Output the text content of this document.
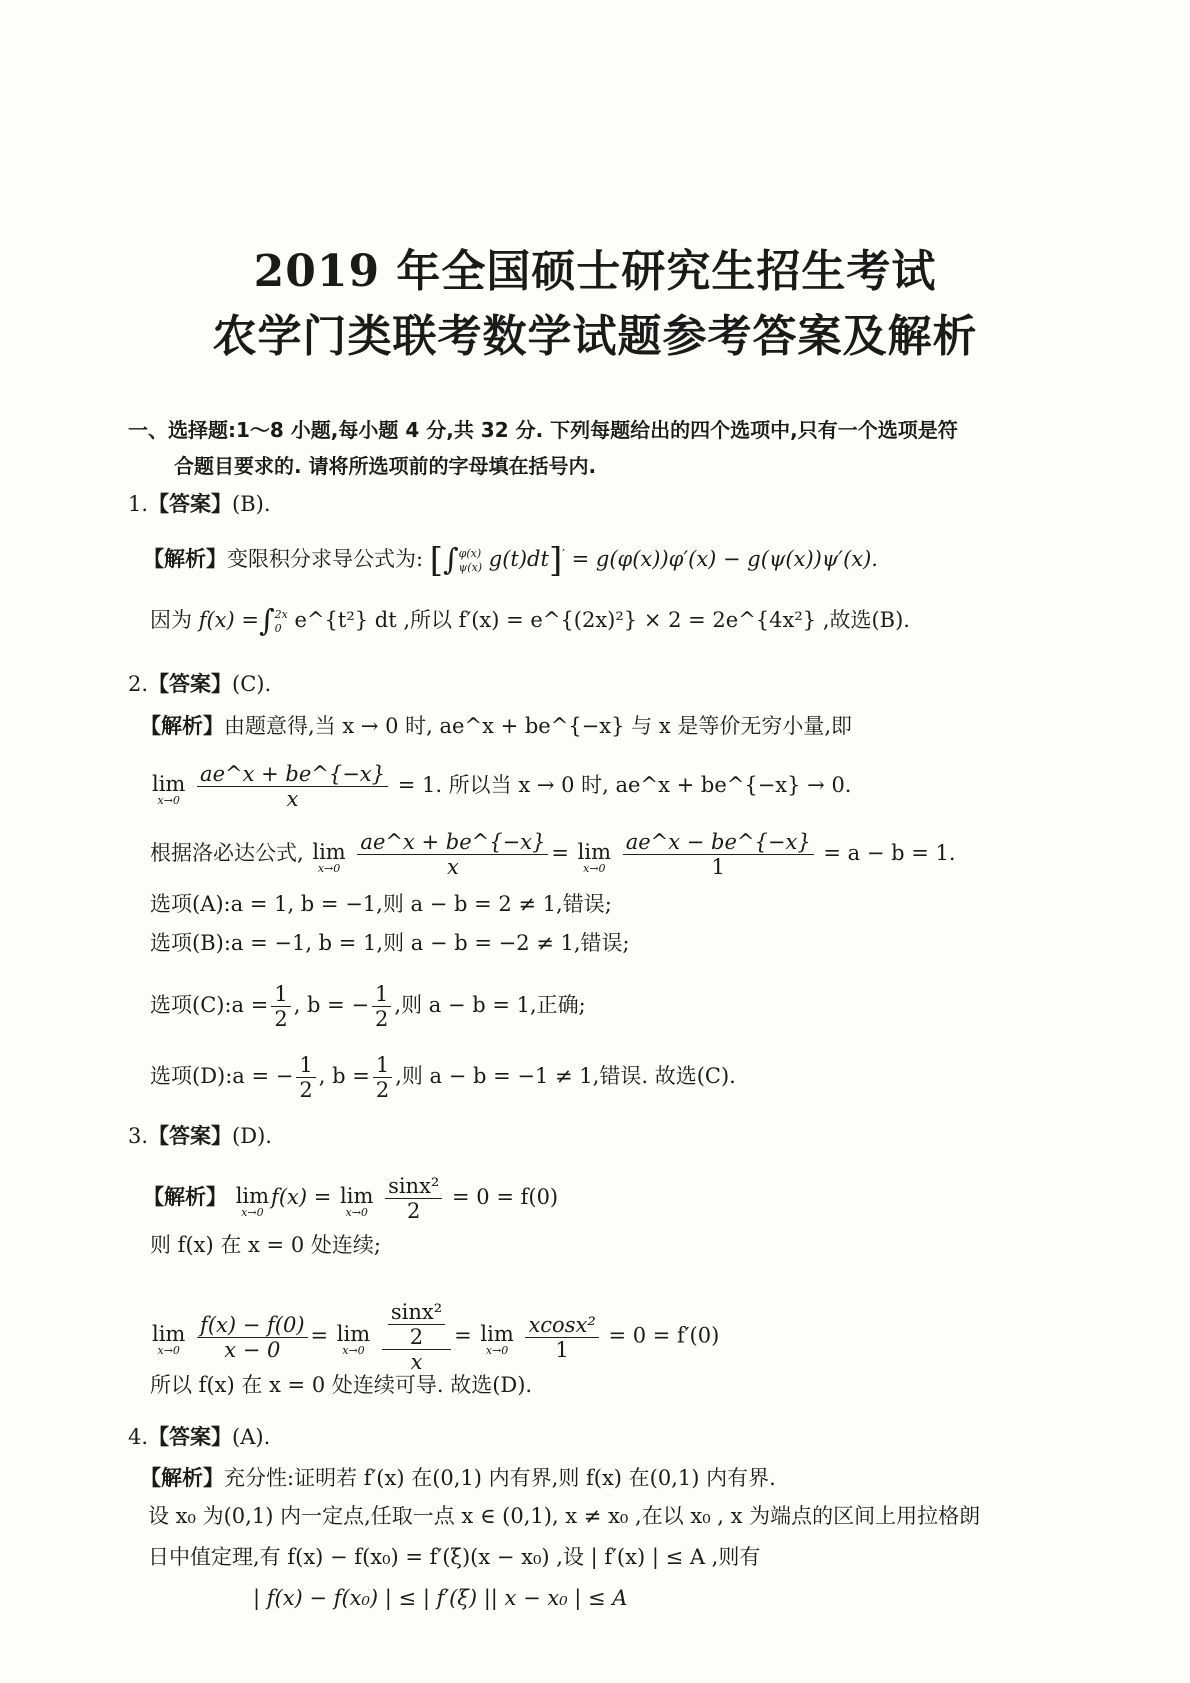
2019 年全国硕士研究生招生考试
农学门类联考数学试题参考答案及解析
一、选择题:1～8 小题,每小题 4 分,共 32 分. 下列每题给出的四个选项中,只有一个选项是符
合题目要求的. 请将所选项前的字母填在括号内.
1.【答案】(B).
【解析】变限积分求导公式为: [∫ φ(x)
ψ(x) g(t)dt]′ = g(φ(x))φ′(x) − g(ψ(x))ψ′(x).
因为 f(x) =∫ 2x
0 e^{t²} dt ,所以 f′(x) = e^{(2x)²} × 2 = 2e^{4x²} ,故选(B).
2.【答案】(C).
【解析】由题意得,当 x → 0 时, ae^x + be^{−x} 与 x 是等价无穷小量,即
lim
x→0
$\frac{ae\^{}x + be\^{}\{-x\}}{x} = 1$. 所以当 x → 0 时, ae^x + be^{−x} → 0.
根据洛必达公式, lim
x→0
$\frac{ae\^{}x + be\^{}\{-x\}}{x} = \lim$
x→0
$\frac{ae\^{}x - be\^{}\{-x\}}{1} = a - b = 1$.
选项(A):a = 1, b = −1,则 a − b = 2 ≠ 1,错误;
选项(B):a = −1, b = 1,则 a − b = −2 ≠ 1,错误;
选项(C):a = $\frac{1}{2}$ , b = − $\frac{1}{2}$ ,则 a − b = 1,正确;
选项(D):a = − $\frac{1}{2}$ , $b = \frac{1}{2}$ ,则 a − b = −1 ≠ 1,错误. 故选(C).
3.【答案】(D).
【解析】 lim
x→0
f(x) = lim
x→0
$\frac{\text{sinx²}}{2} = 0 = f(0)$
则 f(x) 在 x = 0 处连续;
lim
x→0
$\frac{f(x) - f(0)}{x - 0} = \lim$
x→0
$\frac{\frac{\text{sinx²}}{2}}{x} = \lim$
x→0
$\frac{\text{xcosx²}}{1} = 0 = f'(0)$
所以 f(x) 在 x = 0 处连续可导. 故选(D).
4.【答案】(A).
【解析】充分性:证明若 f′(x) 在(0,1) 内有界,则 f(x) 在(0,1) 内有界.
设 x₀ 为(0,1) 内一定点,任取一点 x ∈ (0,1), x ≠ x₀ ,在以 x₀ , x 为端点的区间上用拉格朗
日中值定理,有 f(x) − f(x₀) = f′(ξ)(x − x₀) ,设 | f′(x) | ≤ A ,则有
| f(x) − f(x₀) | ≤ | f′(ξ) || x − x₀ | ≤ A
